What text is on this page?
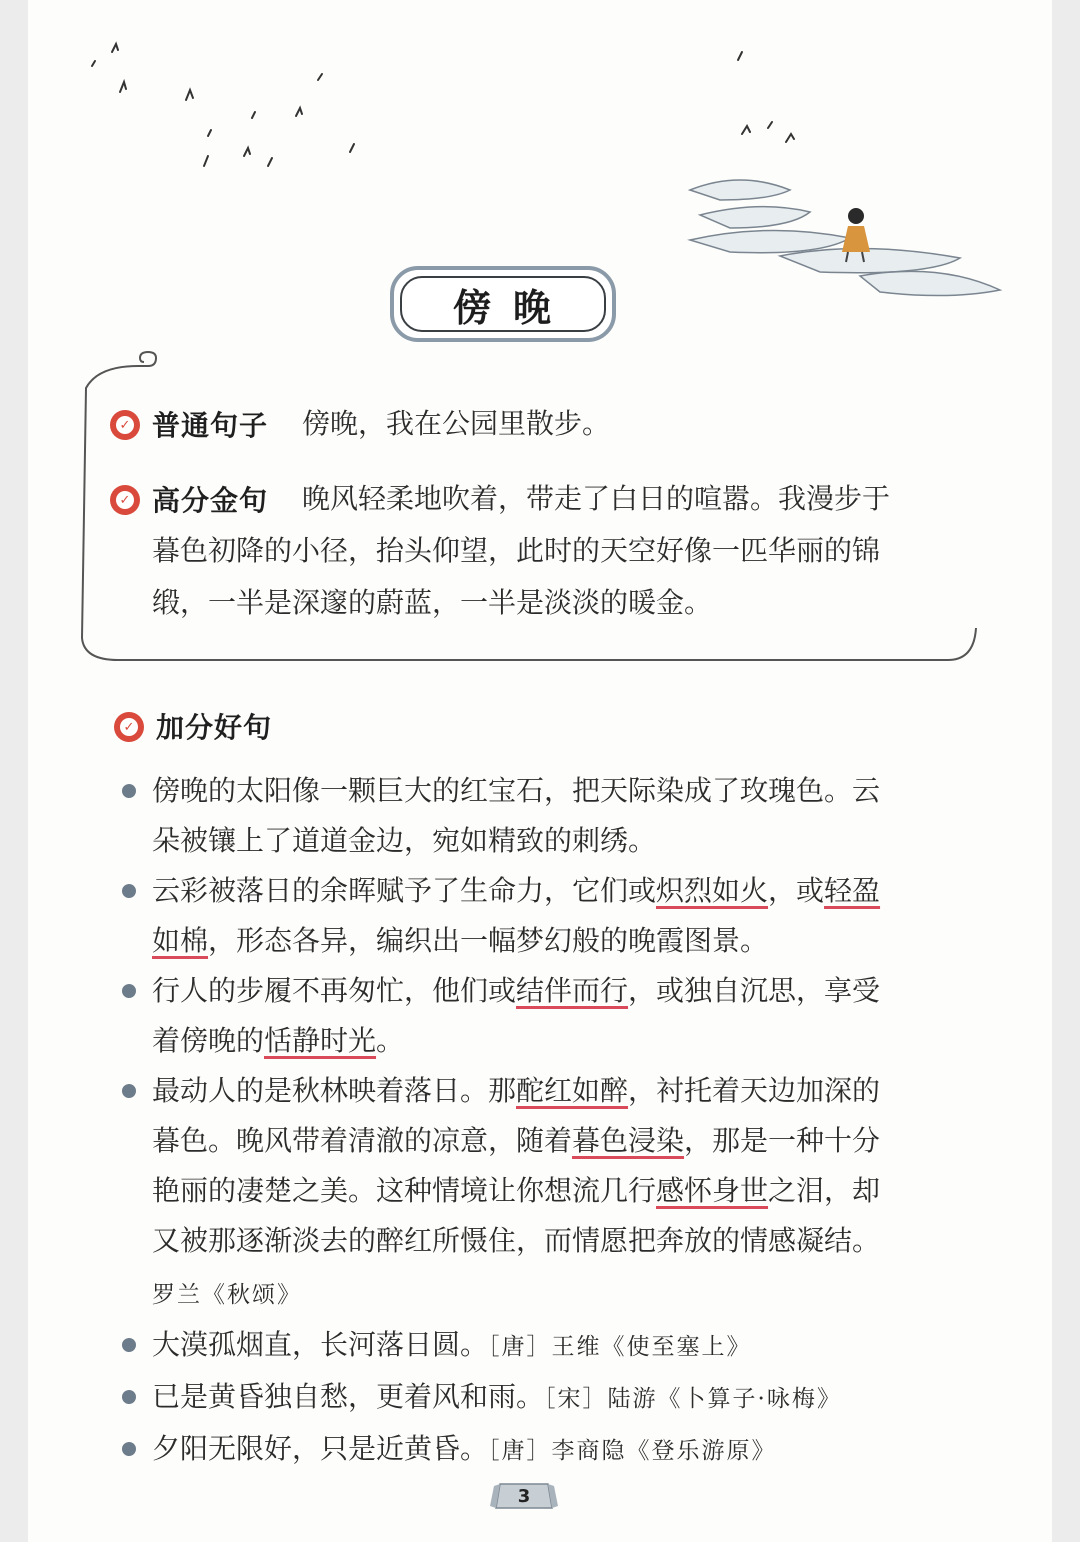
傍晚
✓ 普通句子 傍晚，我在公园里散步。
✓ 高分金句 晚风轻柔地吹着，带走了白日的喧嚣。我漫步于
暮色初降的小径，抬头仰望，此时的天空好像一匹华丽的锦
缎，一半是深邃的蔚蓝，一半是淡淡的暖金。
✓ 加分好句
傍晚的太阳像一颗巨大的红宝石，把天际染成了玫瑰色。云
朵被镶上了道道金边，宛如精致的刺绣。
云彩被落日的余晖赋予了生命力，它们或炽烈如火，或轻盈
如棉，形态各异，编织出一幅梦幻般的晚霞图景。
行人的步履不再匆忙，他们或结伴而行，或独自沉思，享受
着傍晚的恬静时光。
最动人的是秋林映着落日。那酡红如醉，衬托着天边加深的
暮色。晚风带着清澈的凉意，随着暮色浸染，那是一种十分
艳丽的凄楚之美。这种情境让你想流几行感怀身世之泪，却
又被那逐渐淡去的醉红所慑住，而情愿把奔放的情感凝结。
罗兰《秋颂》
大漠孤烟直，长河落日圆。［唐］王维《使至塞上》
已是黄昏独自愁，更着风和雨。［宋］陆游《卜算子·咏梅》
夕阳无限好，只是近黄昏。［唐］李商隐《登乐游原》
3
